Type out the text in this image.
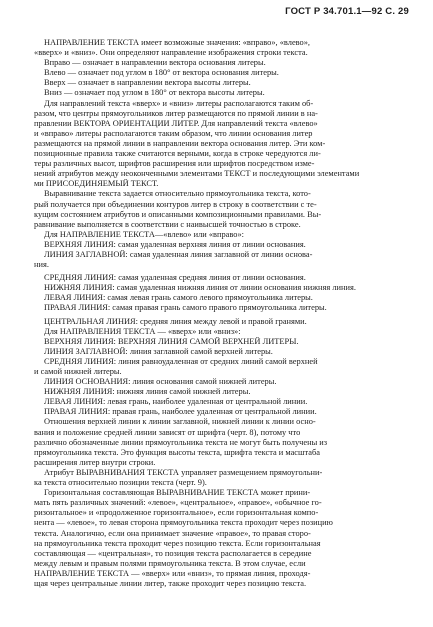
ГОСТ Р 34.701.1—92 С. 29
НАПРАВЛЕНИЕ ТЕКСТА имеет возможные значения: «вправо», «влево»,
«вверх» и «вниз». Они определяют направление изображения строки текста.
Вправо — означает в направлении вектора основания литеры.
Влево — означает под углом в 180° от вектора основания литеры.
Вверх — означает в направлении вектора высоты литеры.
Вниз — означает под углом в 180° от вектора высоты литеры.
Для направлений текста «вверх» и «вниз» литеры располагаются таким об-
разом, что центры прямоугольников литер размещаются по прямой линии в на-
правлении ВЕКТОРА ОРИЕНТАЦИИ ЛИТЕР. Для направлений текста «влево»
и «вправо» литеры располагаются таким образом, что линии основания литер
размещаются на прямой линии в направлении вектора основания литер. Эти ком-
позиционные правила также считаются верными, когда в строке чередуются ли-
теры различных высот, шрифтов расширения или шрифтов посредством изме-
нений атрибутов между неоконченными элементами ТЕКСТ и последующими элементами
ми ПРИСОЕДИНЯЕМЫЙ ТЕКСТ.
Выравнивание текста задается относительно прямоугольника текста, кото-
рый получается при объединении контуров литер в строку в соответствии с те-
кущим состоянием атрибутов и описанными композиционными правилами. Вы-
равнивание выполняется в соответствии с наивысшей точностью в строке.
Для НАПРАВЛЕНИЕ ТЕКСТА—«влево» или «вправо»:
ВЕРХНЯЯ ЛИНИЯ: самая удаленная верхняя линия от линии основания.
ЛИНИЯ ЗАГЛАВНОЙ: самая удаленная линия заглавной от линии основа-
ния.
СРЕДНЯЯ ЛИНИЯ: самая удаленная средняя линия от линии основания.
НИЖНЯЯ ЛИНИЯ: самая удаленная нижняя линия от линии основания нижняя линия.
ЛЕВАЯ ЛИНИЯ: самая левая грань самого левого прямоугольника литеры.
ПРАВАЯ ЛИНИЯ: самая правая грань самого правого прямоугольника литеры.
ЦЕНТРАЛЬНАЯ ЛИНИЯ: средняя линия между левой и правой гранями.
Для НАПРАВЛЕНИЯ ТЕКСТА — «вверх» или «вниз»:
ВЕРХНЯЯ ЛИНИЯ: ВЕРХНЯЯ ЛИНИЯ САМОЙ ВЕРХНЕЙ ЛИТЕРЫ.
ЛИНИЯ ЗАГЛАВНОЙ: линия заглавной самой верхней литеры.
СРЕДНЯЯ ЛИНИЯ: линия равноудаленная от средних линий самой верхней
и самой нижней литеры.
ЛИНИЯ ОСНОВАНИЯ: линия основания самой нижней литеры.
НИЖНЯЯ ЛИНИЯ: нижняя линия самой нижней литеры.
ЛЕВАЯ ЛИНИЯ: левая грань, наиболее удаленная от центральной линии.
ПРАВАЯ ЛИНИЯ: правая грань, наиболее удаленная от центральной линии.
Отношения верхней линии к линии заглавной, нижней линии к линии осно-
вания и положение средней линии зависят от шрифта (черт. 8), потому что
различно обозначенные линии прямоугольника текста не могут быть получены из
прямоугольника текста. Это функция высоты текста, шрифта текста и масштаба
расширения литер внутри строки.
Атрибут ВЫРАВНИВАНИЯ ТЕКСТА управляет размещением прямоугольни-
ка текста относительно позиции текста (черт. 9).
Горизонтальная составляющая ВЫРАВНИВАНИЕ ТЕКСТА может прини-
мать пять различных значений: «левое», «центральное», «правое», «обычное го-
ризонтальное» и «продолженное горизонтальное», если горизонтальная компо-
нента — «левое», то левая сторона прямоугольника текста проходит через позицию
текста. Аналогично, если она принимает значение «правое», то правая сторо-
на прямоугольника текста проходит через позицию текста. Если горизонтальная
составляющая — «центральная», то позиция текста располагается в середине
между левым и правым полями прямоугольника текста. В этом случае, если
НАПРАВЛЕНИЕ ТЕКСТА — «вверх» или «вниз», то прямая линия, проходя-
щая через центральные линии литер, также проходит через позицию текста.
